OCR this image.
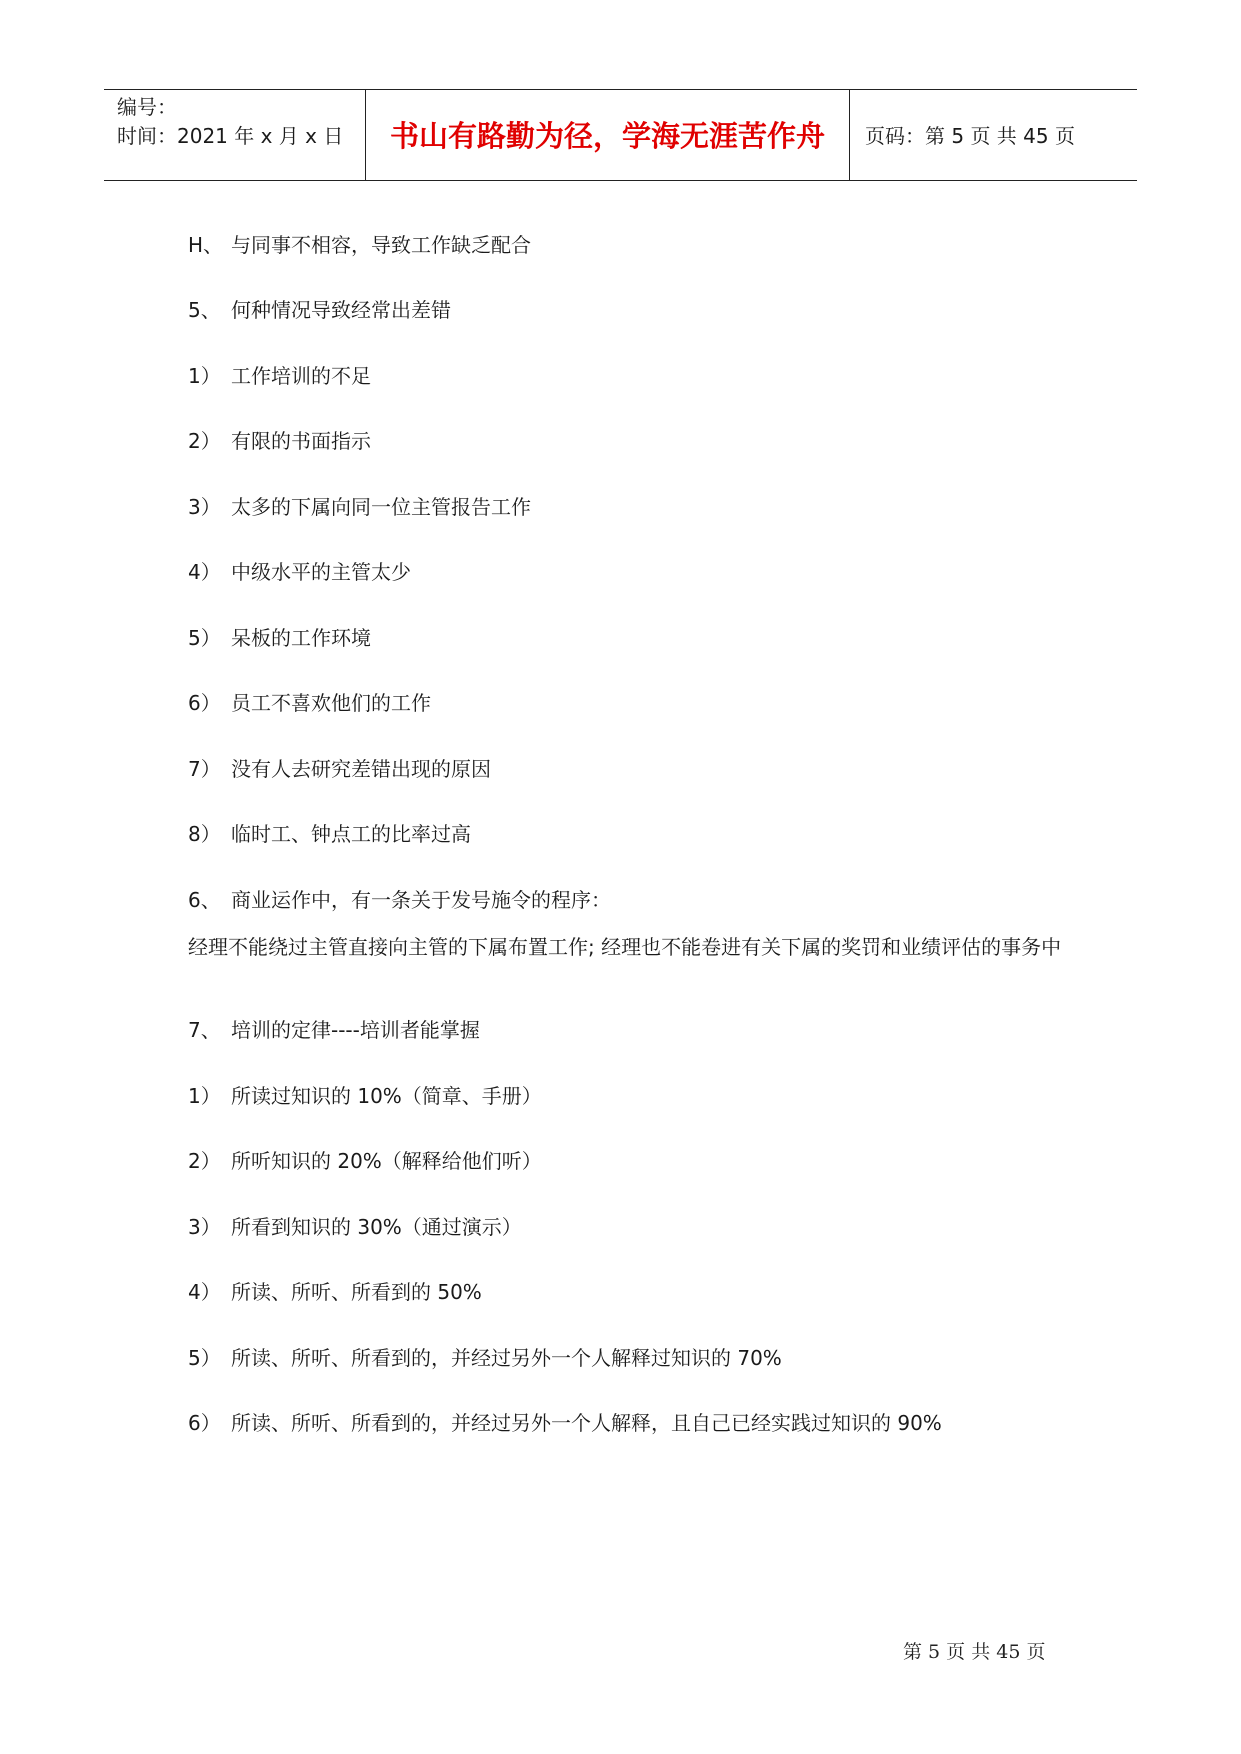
编号：
时间：2021 年 x 月 x 日	书山有路勤为径，学海无涯苦作舟	页码：第 5 页 共 45 页
H、 与同事不相容，导致工作缺乏配合
5、 何种情况导致经常出差错
1） 工作培训的不足
2） 有限的书面指示
3） 太多的下属向同一位主管报告工作
4） 中级水平的主管太少
5） 呆板的工作环境
6） 员工不喜欢他们的工作
7） 没有人去研究差错出现的原因
8） 临时工、钟点工的比率过高
6、 商业运作中，有一条关于发号施令的程序：
经理不能绕过主管直接向主管的下属布置工作; 经理也不能卷进有关下属的奖罚和业绩评估的事务中
7、 培训的定律----培训者能掌握
1） 所读过知识的 10%（简章、手册）
2） 所听知识的 20%（解释给他们听）
3） 所看到知识的 30%（通过演示）
4） 所读、所听、所看到的 50%
5） 所读、所听、所看到的，并经过另外一个人解释过知识的 70%
6） 所读、所听、所看到的，并经过另外一个人解释，且自己已经实践过知识的 90%
第 5 页 共 45 页
